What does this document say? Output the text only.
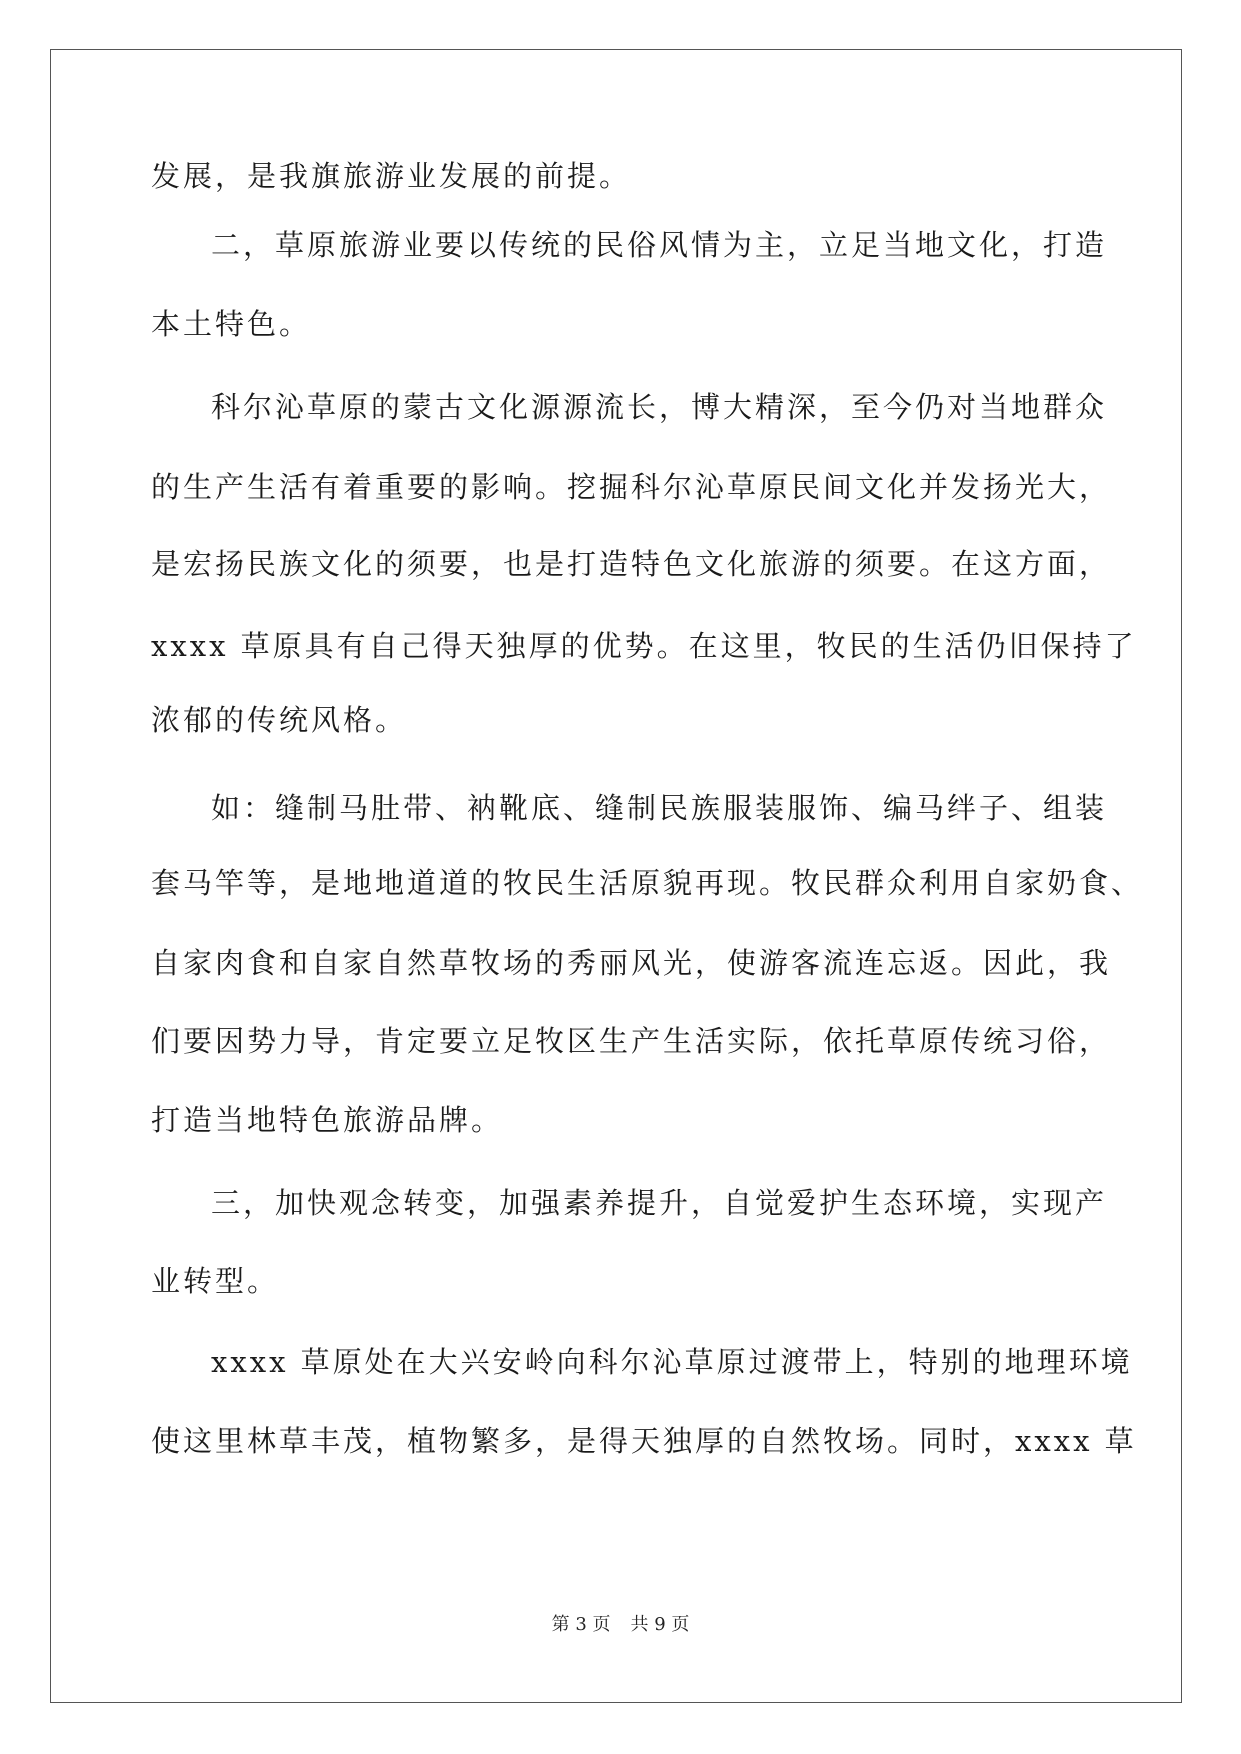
发展，是我旗旅游业发展的前提。
二，草原旅游业要以传统的民俗风情为主，立足当地文化，打造
本土特色。
科尔沁草原的蒙古文化源源流长，博大精深，至今仍对当地群众
的生产生活有着重要的影响。挖掘科尔沁草原民间文化并发扬光大，
是宏扬民族文化的须要，也是打造特色文化旅游的须要。在这方面，
xxxx 草原具有自己得天独厚的优势。在这里，牧民的生活仍旧保持了
浓郁的传统风格。
如：缝制马肚带、衲靴底、缝制民族服装服饰、编马绊子、组装
套马竿等，是地地道道的牧民生活原貌再现。牧民群众利用自家奶食、
自家肉食和自家自然草牧场的秀丽风光，使游客流连忘返。因此，我
们要因势力导，肯定要立足牧区生产生活实际，依托草原传统习俗，
打造当地特色旅游品牌。
三，加快观念转变，加强素养提升，自觉爱护生态环境，实现产
业转型。
xxxx 草原处在大兴安岭向科尔沁草原过渡带上，特别的地理环境
使这里林草丰茂，植物繁多，是得天独厚的自然牧场。同时，xxxx 草
第 3 页 共 9 页
